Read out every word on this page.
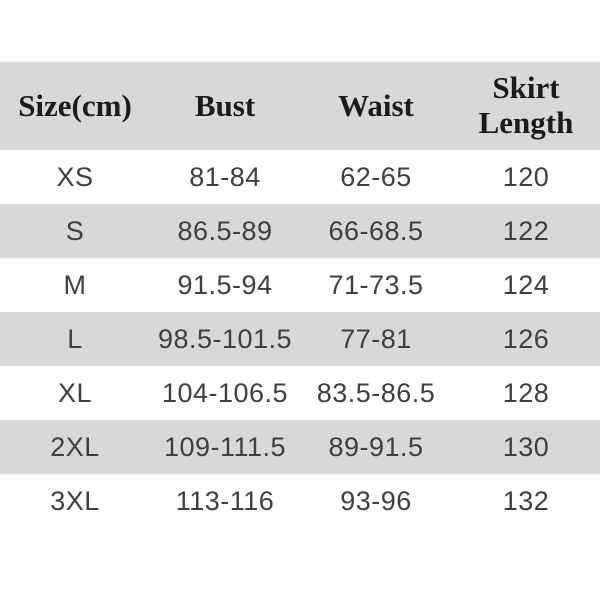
Size(cm)	Bust	Waist	Skirt Length
XS	81-84	62-65	120
S	86.5-89	66-68.5	122
M	91.5-94	71-73.5	124
L	98.5-101.5	77-81	126
XL	104-106.5	83.5-86.5	128
2XL	109-111.5	89-91.5	130
3XL	113-116	93-96	132
